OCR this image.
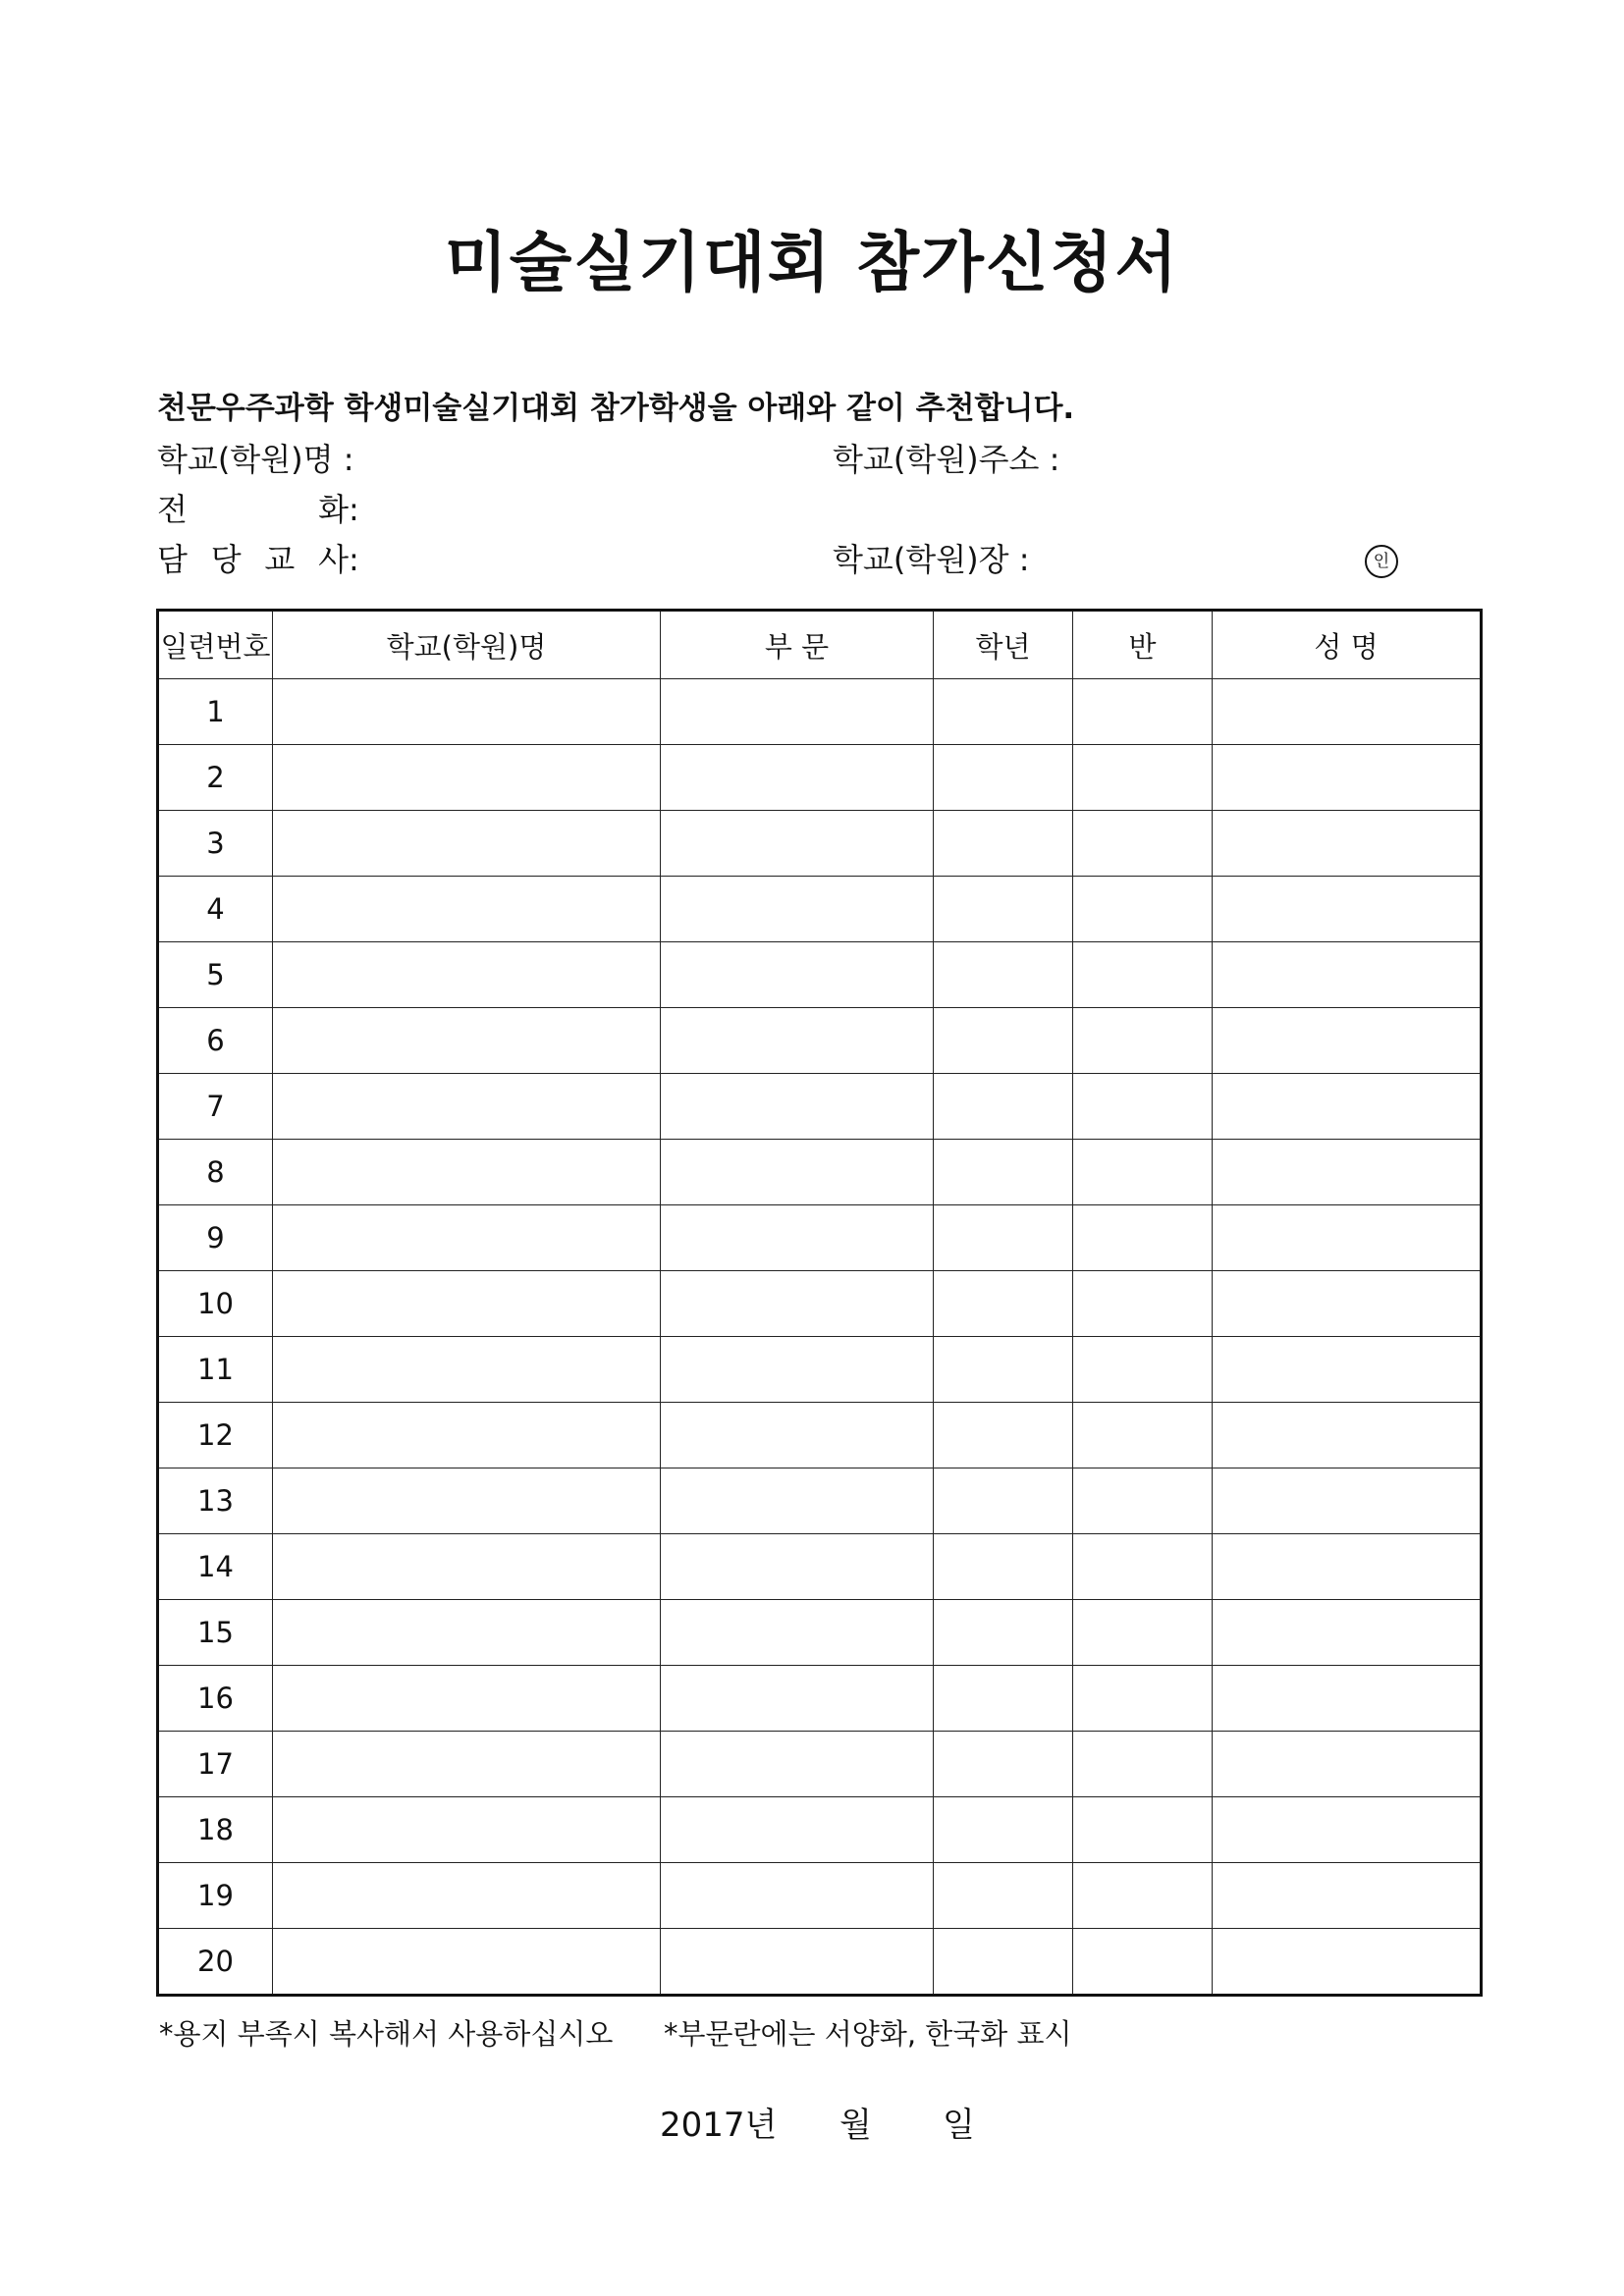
미술실기대회 참가신청서
천문우주과학 학생미술실기대회 참가학생을 아래와 같이 추천합니다.
학교(학원)명 :	학교(학원)주소 :
전 화:
담 당 교 사:	학교(학원)장 :	인
일련번호	학교(학원)명	부 문	학년	반	성 명
1					
2					
3					
4					
5					
6					
7					
8					
9					
10					
11					
12					
13					
14					
15					
16					
17					
18					
19					
20					
*용지 부족시 복사해서 사용하십시오 *부문란에는 서양화, 한국화 표시
2017년 월 일
